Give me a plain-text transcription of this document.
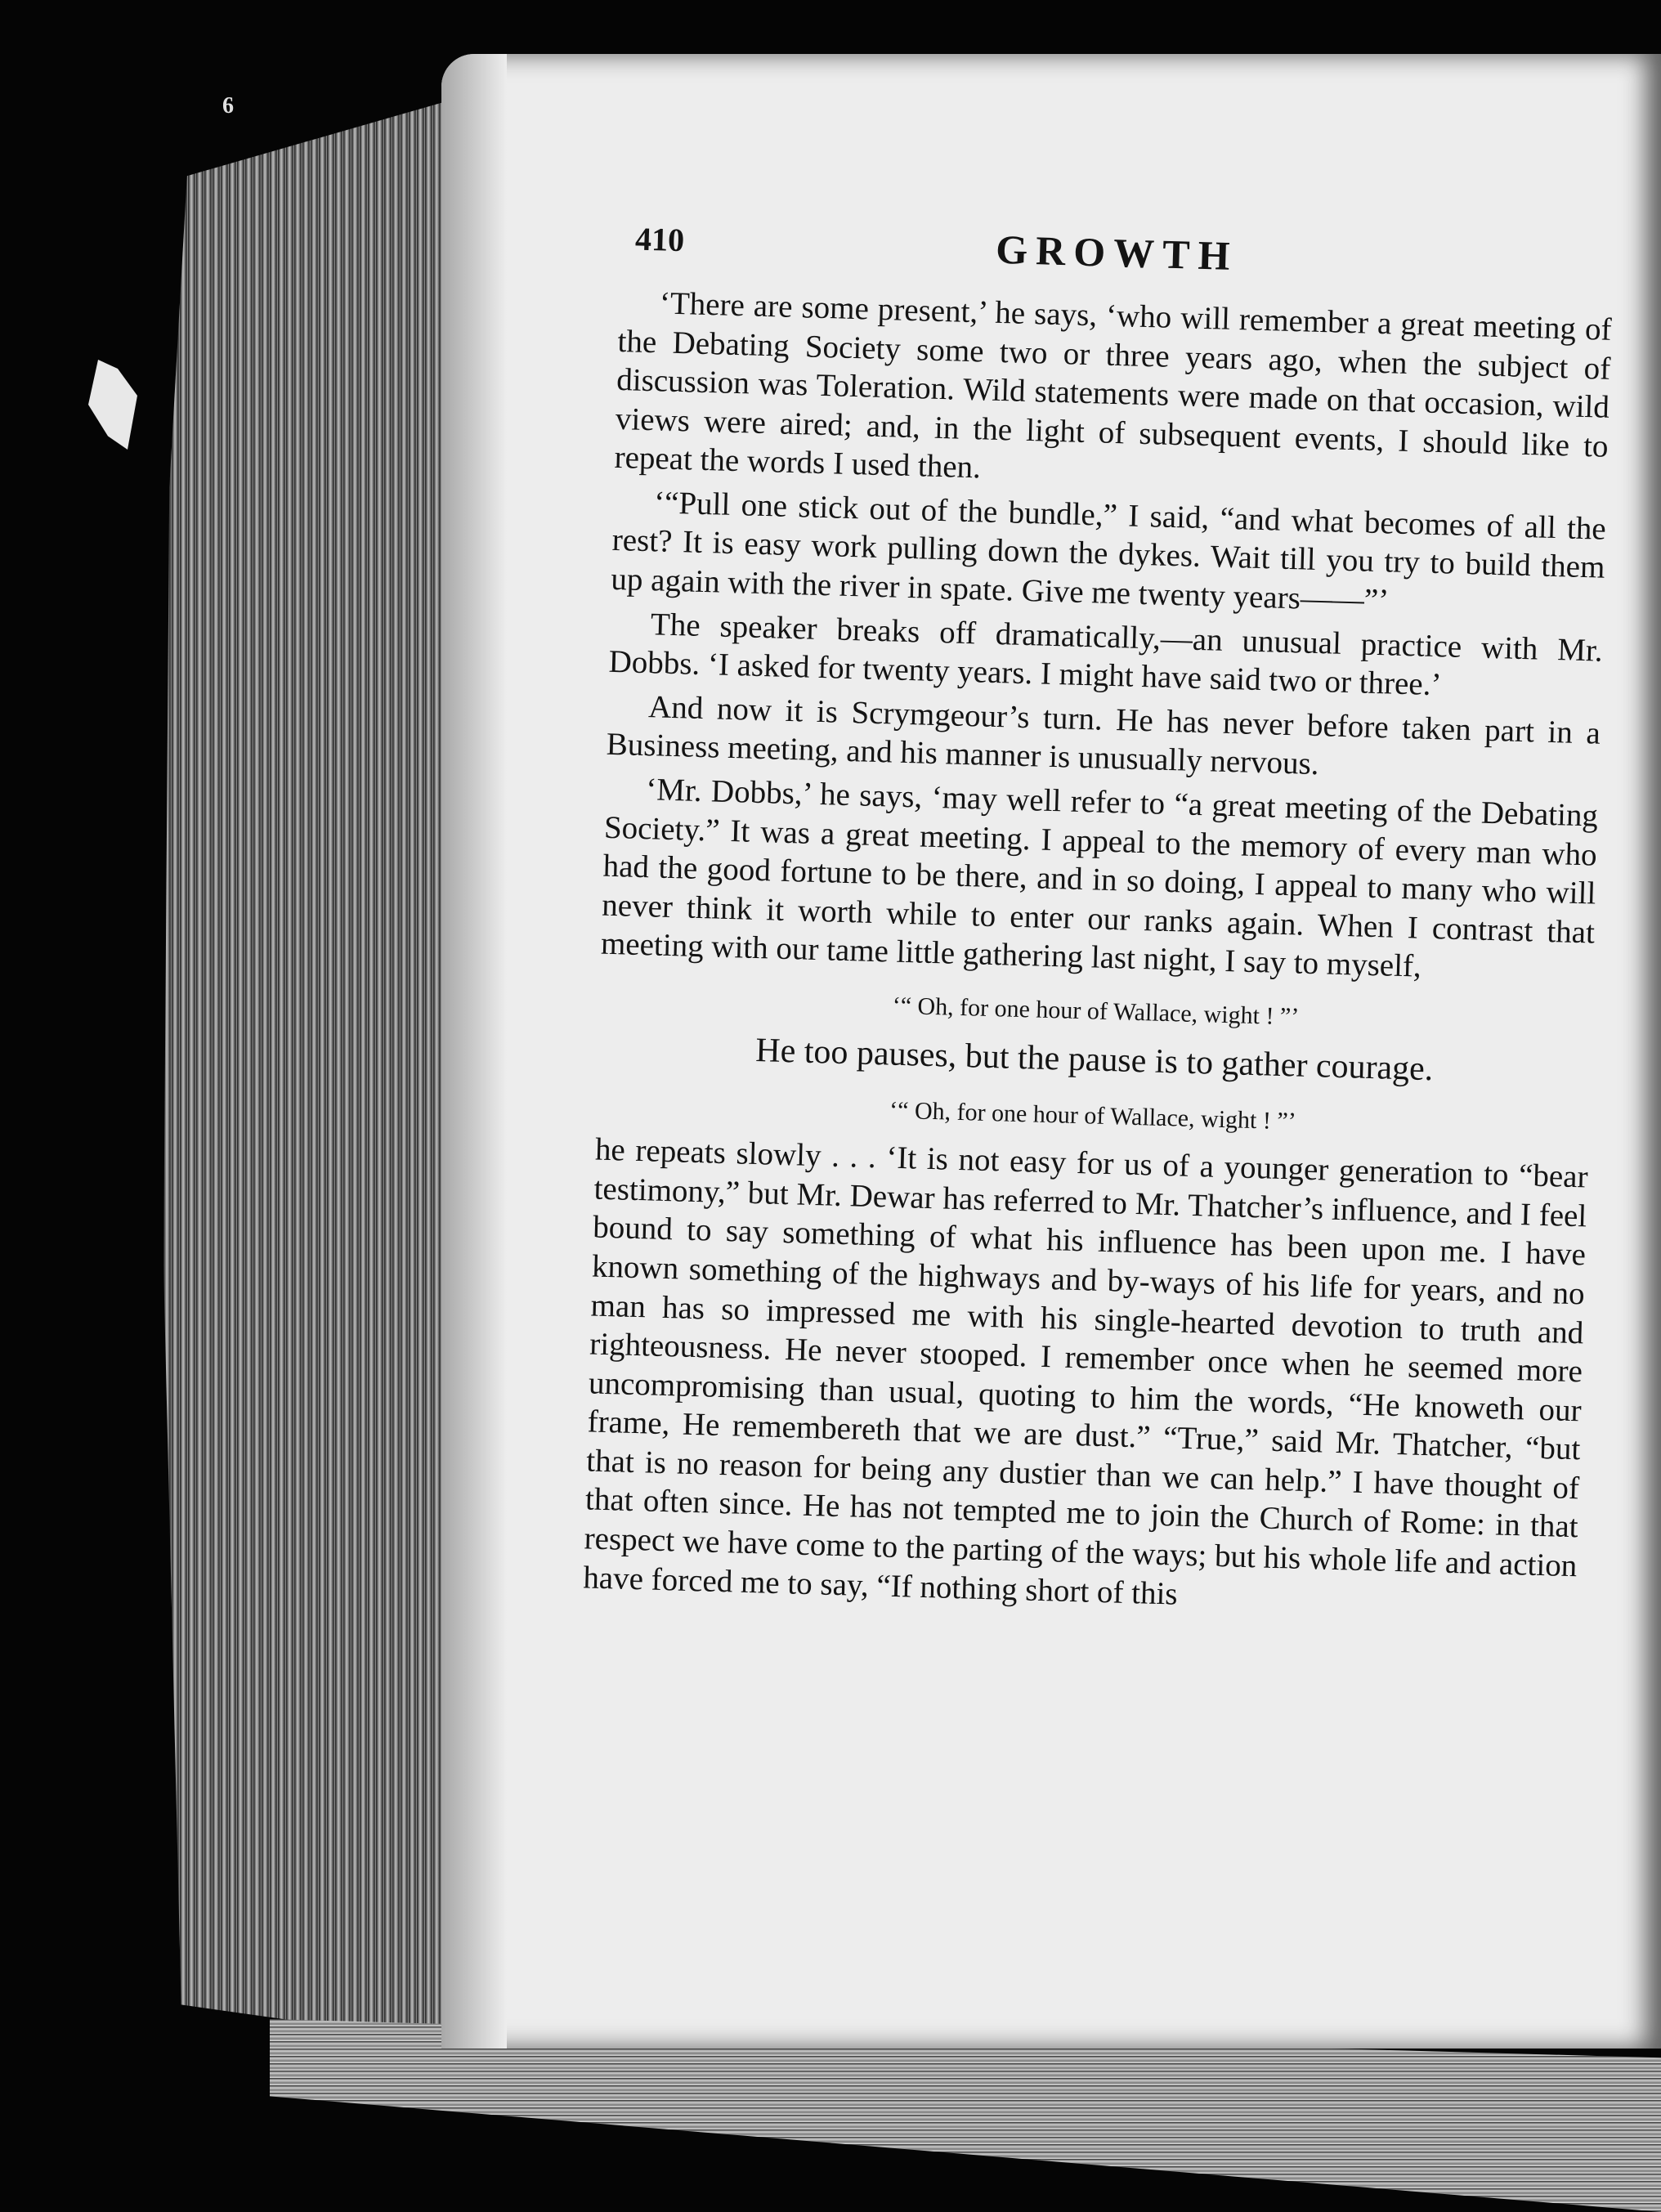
6
410	GROWTH

‘There are some present,’ he says, ‘who will remember a great meeting of the Debating Society some two or three years ago, when the subject of discussion was Toleration. Wild statements were made on that occasion, wild views were aired; and, in the light of subsequent events, I should like to repeat the words I used then.

‘“Pull one stick out of the bundle,” I said, “and what becomes of all the rest? It is easy work pulling down the dykes. Wait till you try to build them up again with the river in spate. Give me twenty years——”’

The speaker breaks off dramatically,—an unusual practice with Mr. Dobbs. ‘I asked for twenty years. I might have said two or three.’

And now it is Scrymgeour’s turn. He has never before taken part in a Business meeting, and his manner is unusually nervous.

‘Mr. Dobbs,’ he says, ‘may well refer to “a great meeting of the Debating Society.” It was a great meeting. I appeal to the memory of every man who had the good fortune to be there, and in so doing, I appeal to many who will never think it worth while to enter our ranks again. When I contrast that meeting with our tame little gathering last night, I say to myself,

‘“ Oh, for one hour of Wallace, wight ! ”’

He too pauses, but the pause is to gather courage.

‘“ Oh, for one hour of Wallace, wight ! ”’

he repeats slowly . . . ‘It is not easy for us of a younger generation to “bear testimony,” but Mr. Dewar has referred to Mr. Thatcher’s influence, and I feel bound to say something of what his influence has been upon me. I have known something of the highways and by-ways of his life for years, and no man has so impressed me with his single-hearted devotion to truth and righteousness. He never stooped. I remember once when he seemed more uncompromising than usual, quoting to him the words, “He knoweth our frame, He remembereth that we are dust.” “True,” said Mr. Thatcher, “but that is no reason for being any dustier than we can help.” I have thought of that often since. He has not tempted me to join the Church of Rome: in that respect we have come to the parting of the ways; but his whole life and action have forced me to say, “If nothing short of this
